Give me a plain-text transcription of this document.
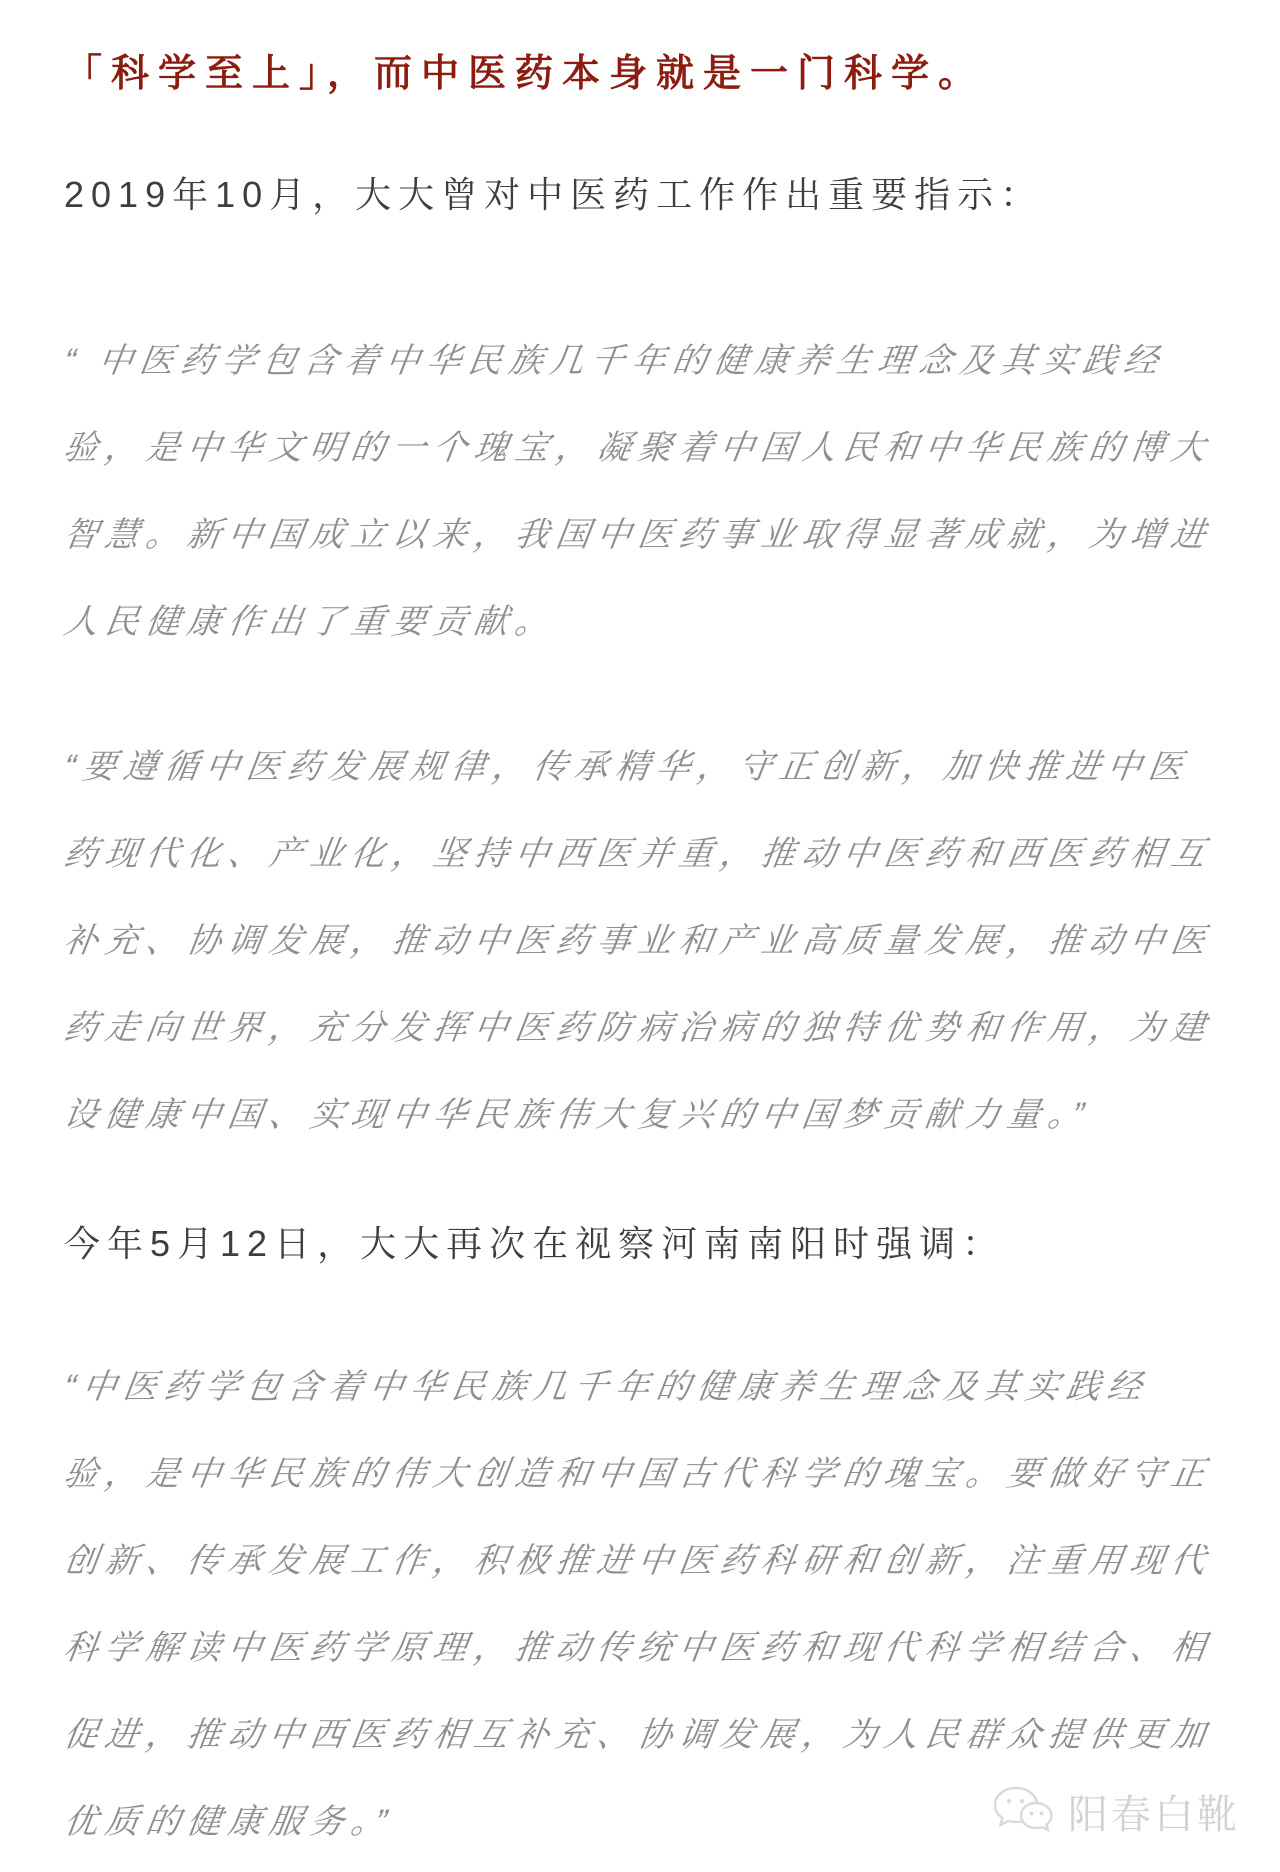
「科学至上」，而中医药本身就是一门科学。

2019年10月，大大曾对中医药工作作出重要指示：

“ 中医药学包含着中华民族几千年的健康养生理念及其实践经
验，是中华文明的一个瑰宝，凝聚着中国人民和中华民族的博大
智慧。新中国成立以来，我国中医药事业取得显著成就，为增进
人民健康作出了重要贡献。
“要遵循中医药发展规律，传承精华，守正创新，加快推进中医
药现代化、产业化，坚持中西医并重，推动中医药和西医药相互
补充、协调发展，推动中医药事业和产业高质量发展，推动中医
药走向世界，充分发挥中医药防病治病的独特优势和作用，为建
设健康中国、实现中华民族伟大复兴的中国梦贡献力量。”

今年5月12日，大大再次在视察河南南阳时强调：

“中医药学包含着中华民族几千年的健康养生理念及其实践经
验，是中华民族的伟大创造和中国古代科学的瑰宝。要做好守正
创新、传承发展工作，积极推进中医药科研和创新，注重用现代
科学解读中医药学原理，推动传统中医药和现代科学相结合、相
促进，推动中西医药相互补充、协调发展，为人民群众提供更加
优质的健康服务。”	阳春白靴
